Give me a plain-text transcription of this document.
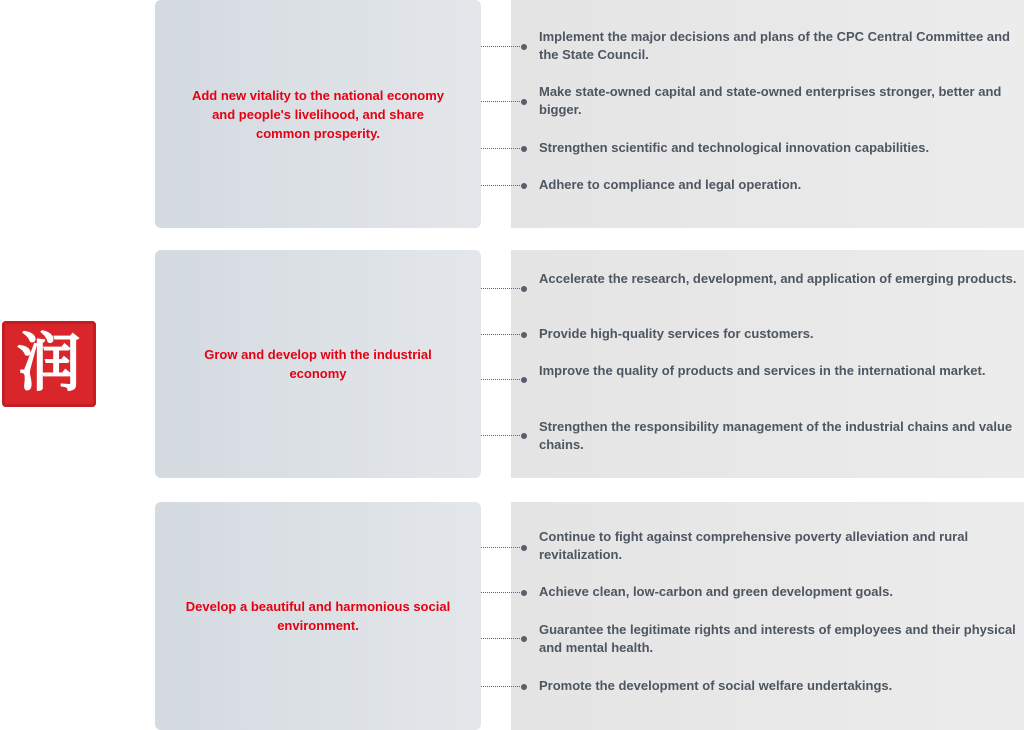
润

Add new vitality to the national economy and people's livelihood, and share common prosperity.

Implement the major decisions and plans of the CPC Central Committee and the State Council.

Make state-owned capital and state-owned enterprises stronger, better and bigger.

Strengthen scientific and technological innovation capabilities.

Adhere to compliance and legal operation.

Grow and develop with the industrial economy

Accelerate the research, development, and application of emerging products.

Provide high-quality services for customers.

Improve the quality of products and services in the international market.

Strengthen the responsibility management of the industrial chains and value chains.

Develop a beautiful and harmonious social environment.

Continue to fight against comprehensive poverty alleviation and rural revitalization.

Achieve clean, low-carbon and green development goals.

Guarantee the legitimate rights and interests of employees and their physical and mental health.

Promote the development of social welfare undertakings.
